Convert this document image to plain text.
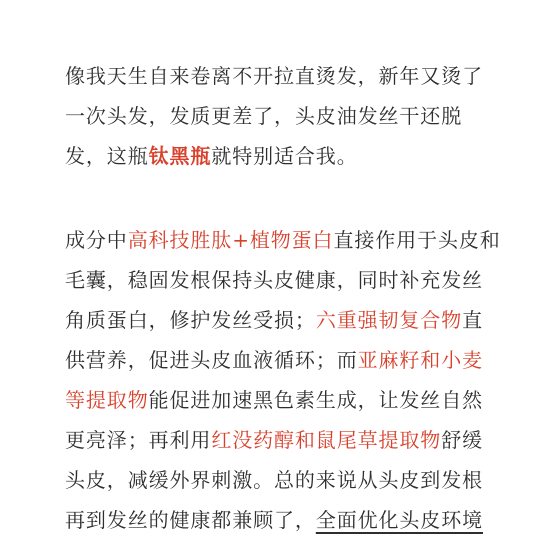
像我天生自来卷离不开拉直烫发，新年又烫了
一次头发，发质更差了，头皮油发丝干还脱
发，这瓶钛黑瓶就特别适合我。

成分中高科技胜肽+植物蛋白直接作用于头皮和
毛囊，稳固发根保持头皮健康，同时补充发丝
角质蛋白，修护发丝受损；六重强韧复合物直
供营养，促进头皮血液循环；而亚麻籽和小麦
等提取物能促进加速黑色素生成，让发丝自然
更亮泽；再利用红没药醇和鼠尾草提取物舒缓
头皮，减缓外界刺激。总的来说从头皮到发根
再到发丝的健康都兼顾了，全面优化头皮环境
